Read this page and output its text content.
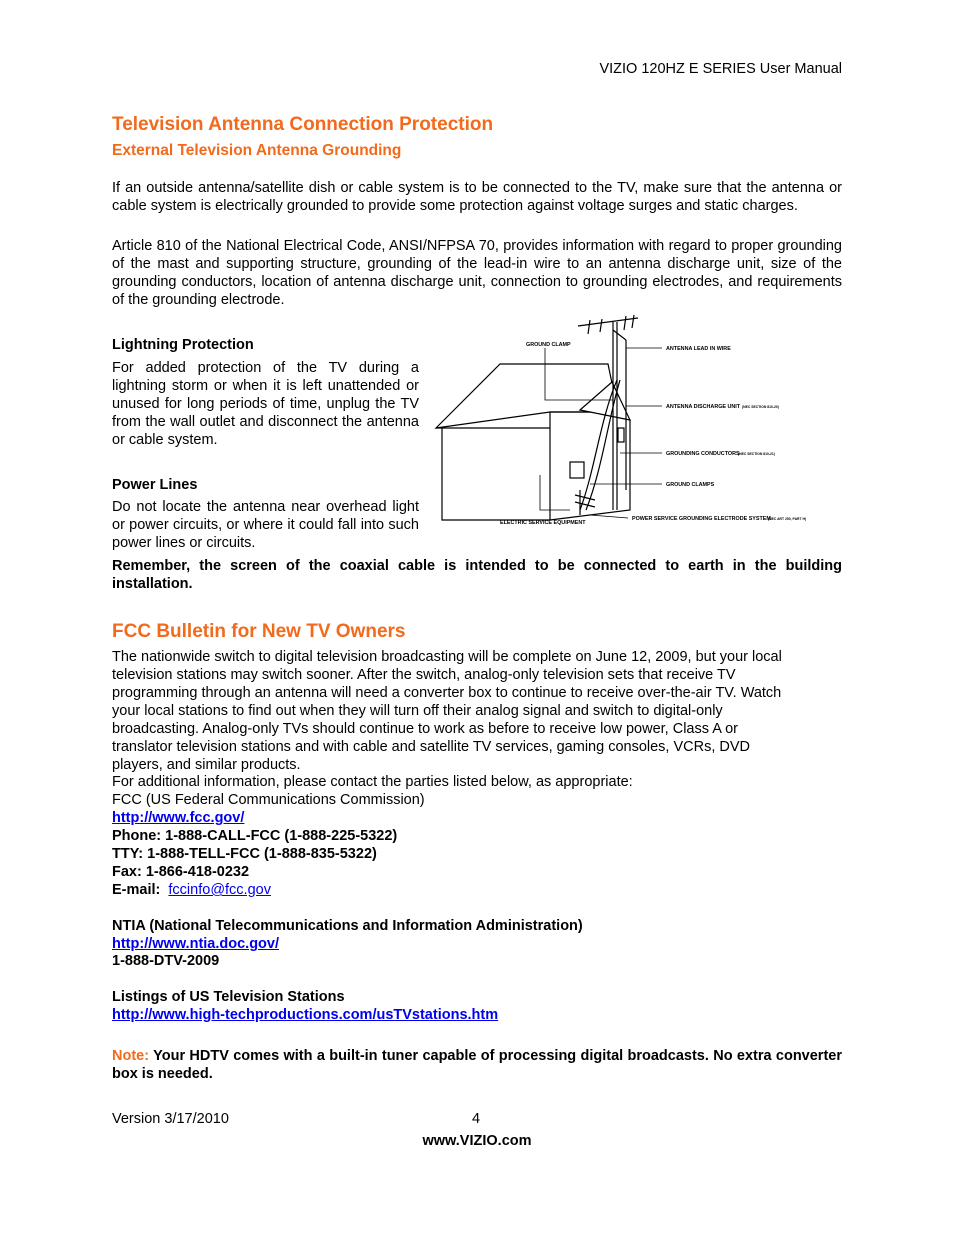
VIZIO 120HZ E SERIES User Manual
Television Antenna Connection Protection
External Television Antenna Grounding
If an outside antenna/satellite dish or cable system is to be connected to the TV, make sure that the antenna or cable system is electrically grounded to provide some protection against voltage surges and static charges.
Article 810 of the National Electrical Code, ANSI/NFPSA 70, provides information with regard to proper grounding of the mast and supporting structure, grounding of the lead-in wire to an antenna discharge unit, size of the grounding conductors, location of antenna discharge unit, connection to grounding electrodes, and requirements of the grounding electrode.
Lightning Protection
For added protection of the TV during a lightning storm or when it is left unattended or unused for long periods of time, unplug the TV from the wall outlet and disconnect the antenna or cable system.
Power Lines
Do not locate the antenna near overhead light or power circuits, or where it could fall into such power lines or circuits.
GROUND CLAMP
ANTENNA LEAD IN WIRE
ANTENNA DISCHARGE UNIT (NEC SECTION 810-20)
GROUNDING CONDUCTORS
(NEC SECTION 810-21)
GROUND CLAMPS
ELECTRIC SERVICE EQUIPMENT
POWER SERVICE GROUNDING ELECTRODE SYSTEM
(NEC ART 250, PART H)
Remember, the screen of the coaxial cable is intended to be connected to earth in the building installation.
FCC Bulletin for New TV Owners
The nationwide switch to digital television broadcasting will be complete on June 12, 2009, but your local television stations may switch sooner. After the switch, analog-only television sets that receive TV programming through an antenna will need a converter box to continue to receive over-the-air TV. Watch your local stations to find out when they will turn off their analog signal and switch to digital-only broadcasting. Analog-only TVs should continue to work as before to receive low power, Class A or translator television stations and with cable and satellite TV services, gaming consoles, VCRs, DVD players, and similar products.
For additional information, please contact the parties listed below, as appropriate:
FCC (US Federal Communications Commission)
http://www.fcc.gov/
Phone: 1-888-CALL-FCC (1-888-225-5322)
TTY: 1-888-TELL-FCC (1-888-835-5322)
Fax: 1-866-418-0232
E-mail: fccinfo@fcc.gov
NTIA (National Telecommunications and Information Administration)
http://www.ntia.doc.gov/
1-888-DTV-2009
Listings of US Television Stations
http://www.high-techproductions.com/usTVstations.htm
Note: Your HDTV comes with a built-in tuner capable of processing digital broadcasts. No extra converter box is needed.
Version 3/17/2010	4
www.VIZIO.com
